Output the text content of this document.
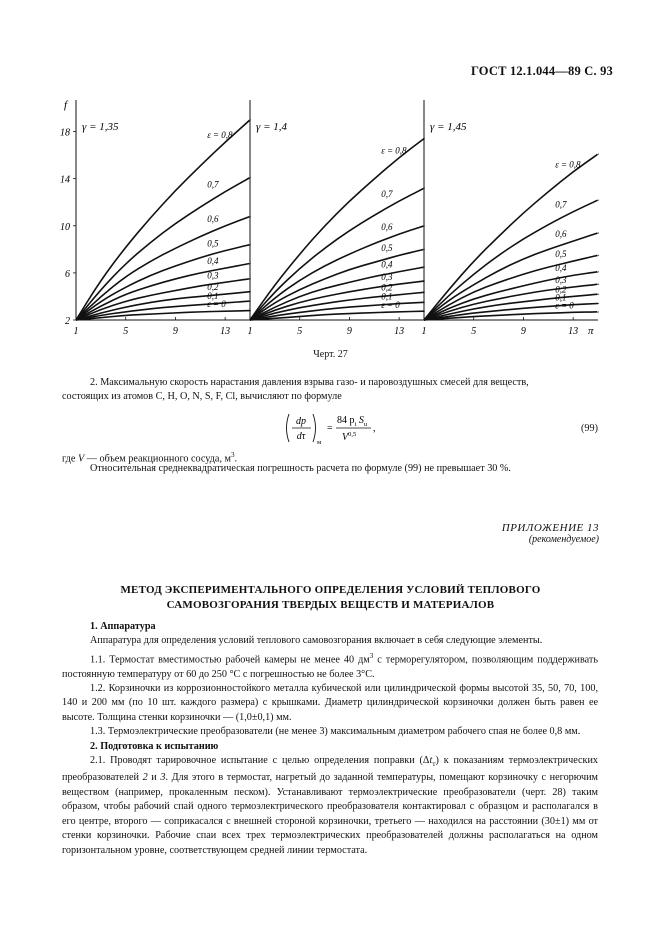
ГОСТ 12.1.044—89 С. 93
f
2
6
10
14
18
γ = 1,35
1	5	9	13
ε = 0,8
0,7
0,6
0,5
0,4
0,3
0,2
0,1
ε = 0
γ = 1,4
1	5	9	13
ε = 0,8
0,7
0,6
0,5
0,4
0,3
0,2
0,1
ε = 0
γ = 1,45
1	5	9	13
ε = 0,8
0,7
0,6
0,5
0,4
0,3
0,2
0,1
ε = 0
π
Черт. 27
2. Максимальную скорость нарастания давления взрыва газо- и паровоздушных смесей для веществ,
состоящих из атомов С, Н, О, N, S, F, Сl, вычисляют по формуле
dp
dτ
м
=
84 $p_i$ $S_u$
V$^{0,5}$
,	(99)
где V — объем реакционного сосуда, $м^3$.
Относительная среднеквадратическая погрешность расчета по формуле (99) не превышает 30 %.
ПРИЛОЖЕНИЕ 13
(рекомендуемое)
МЕТОД ЭКСПЕРИМЕНТАЛЬНОГО ОПРЕДЕЛЕНИЯ УСЛОВИЙ ТЕПЛОВОГО
САМОВОЗГОРАНИЯ ТВЕРДЫХ ВЕЩЕСТВ И МАТЕРИАЛОВ
1. Аппаратура
Аппаратура для определения условий теплового самовозгорания включает в себя следующие элементы.
1.1. Термостат вместимостью рабочей камеры не менее 40 $дм^3$ с терморегулятором, позволяющим поддерживать постоянную температуру от 60 до 250 °С с погрешностью не более 3°С.
1.2. Корзиночки из коррозионностойкого металла кубической или цилиндрической формы высотой 35, 50, 70, 100, 140 и 200 мм (по 10 шт. каждого размера) с крышками. Диаметр цилиндрической корзиночки должен быть равен ее высоте. Толщина стенки корзиночки — (1,0±0,1) мм.
1.3. Термоэлектрические преобразователи (не менее 3) максимальным диаметром рабочего спая не более 0,8 мм.
2. Подготовка к испытанию
2.1. Проводят тарировочное испытание с целью определения поправки $(\Delta t_т)$ к показаниям термоэлектрических преобразователей 2 и 3. Для этого в термостат, нагретый до заданной температуры, помещают корзиночку с негорючим веществом (например, прокаленным песком). Устанавливают термоэлектрические преобразователи (черт. 28) таким образом, чтобы рабочий спай одного термоэлектрического преобразователя контактировал с образцом и располагался в его центре, второго — соприкасался с внешней стороной корзиночки, третьего — находился на расстоянии (30±1) мм от стенки корзиночки. Рабочие спаи всех трех термоэлектрических преобразователей должны располагаться на одном горизонтальном уровне, соответствующем средней линии термостата.
